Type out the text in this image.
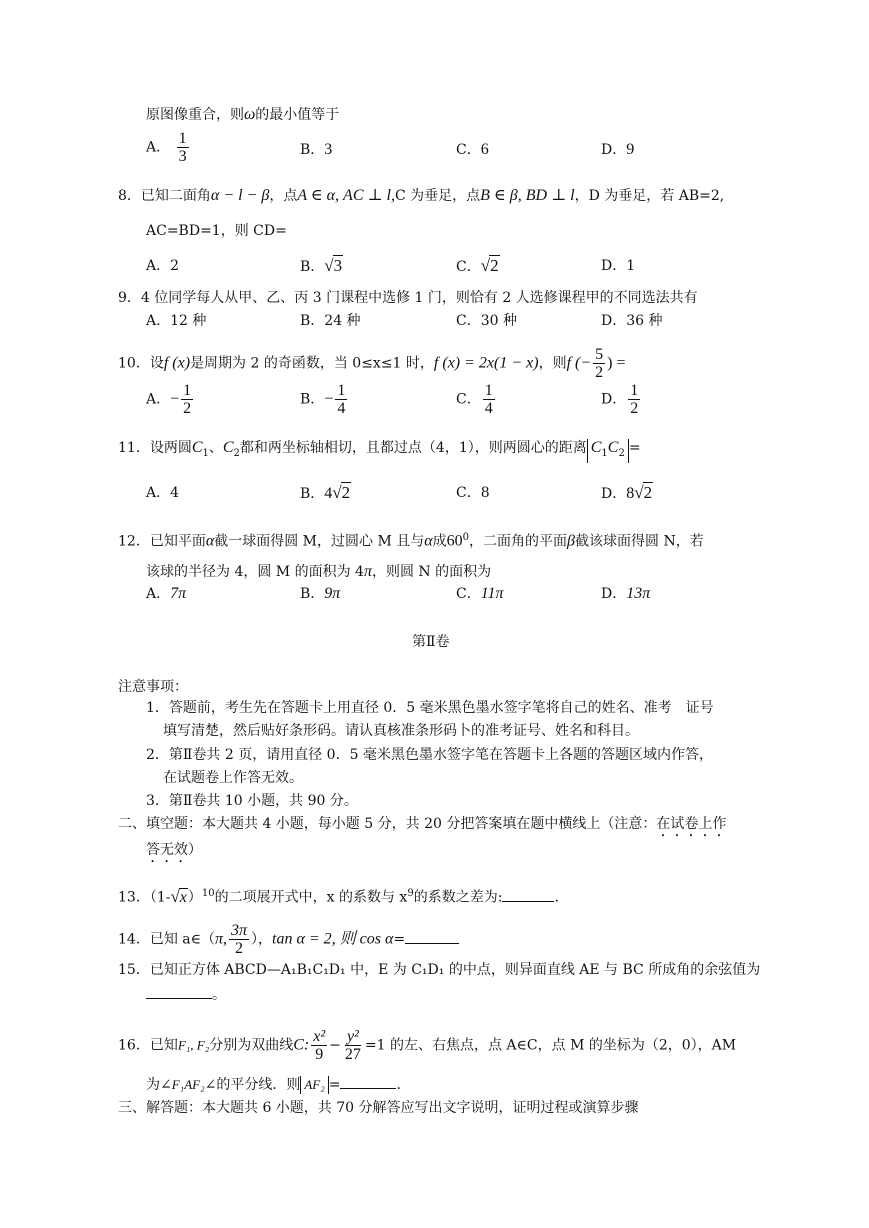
原图像重合，则ω的最小值等于
A． $\frac{1}{3}$	B．3	C．6	D．9
8．已知二面角α − l − β，点A ∈ α, AC ⊥ l,C 为垂足，点B ∈ β, BD ⊥ l，D 为垂足，若 AB=2,
AC=BD=1，则 CD=
A．2	B．√3	C．√2	D．1
9．4 位同学每人从甲、乙、丙 3 门课程中选修 1 门，则恰有 2 人选修课程甲的不同选法共有
A．12 种	B．24 种	C．30 种	D．36 种
10．设f (x)是周期为 2 的奇函数，当 0≤x≤1 时，f (x) = 2x(1 − x)，则f (− $\frac{5}{2}$ ) =
A．− $\frac{1}{2}$	B．− $\frac{1}{4}$	C． $\frac{1}{4}$	D． $\frac{1}{2}$
11．设两圆$C_1$、$C_2$都和两坐标轴相切，且都过点（4，1），则两圆心的距离 $C_1C_2$ =
A．4	B．4√2	C．8	D．8√2
12．已知平面α截一球面得圆 M，过圆心 M 且与α成$60^0$，二面角的平面β截该球面得圆 N，若
该球的半径为 4，圆 M 的面积为 4π，则圆 N 的面积为
A．7π	B．9π	C．11π	D．13π
第Ⅱ卷
注意事项：
1．答题前，考生先在答题卡上用直径 0．5 毫米黑色墨水签字笔将自己的姓名、准考　证号
填写清楚，然后贴好条形码。请认真核准条形码卜的准考证号、姓名和科目。
2．第Ⅱ卷共 2 页，请用直径 0．5 毫米黑色墨水签字笔在答题卡上各题的答题区域内作答，
在试题卷上作答无效。
3．第Ⅱ卷共 10 小题，共 90 分。
二、填空题：本大题共 4 小题，每小题 5 分，共 20 分把答案填在题中横线上（注意：在试卷上作
答无效）
13．$(1-√x)^{10}$的二项展开式中，x 的系数与 $x^9$的系数之差为:	.
14．已知 a∈（π, $\frac{3\pi}{2}$ ），tan α = 2, 则 cos α=
15．已知正方体 ABCD—A₁B₁C₁D₁ 中，E 为 C₁D₁ 的中点，则异面直线 AE 与 BC 所成角的余弦值为
。
16．已知F₁, F₂分别为双曲线C: $\frac{\text{x²}}{9} - \frac{\text{y²}}{27} =1$ 的左、右焦点，点 A∈C，点 M 的坐标为（2，0），AM
为∠F₁AF₂∠的平分线．则 AF₂ =	.
三、解答题：本大题共 6 小题，共 70 分解答应写出文字说明，证明过程或演算步骤
